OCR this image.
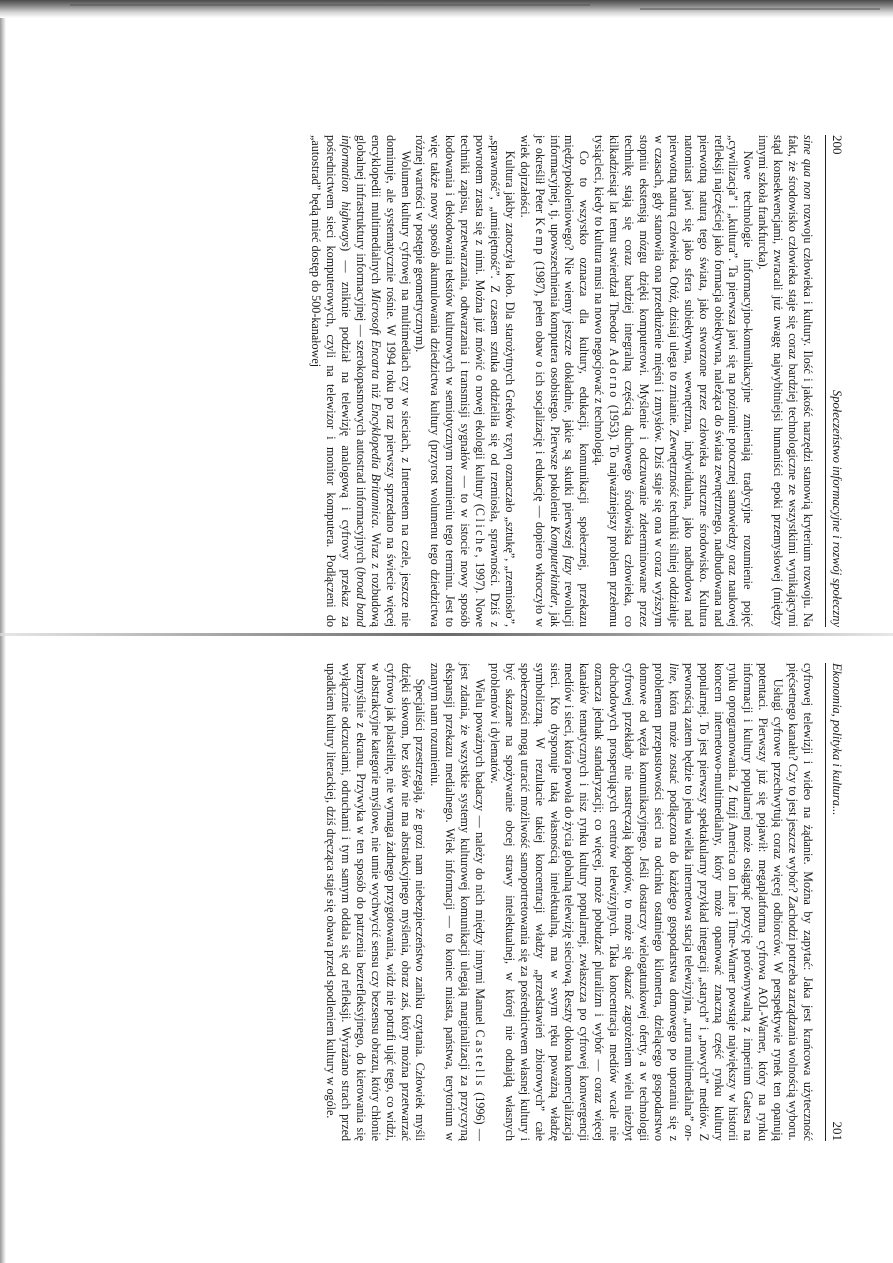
200
Społeczeństwo informacyjne i rozwój społeczny

sine qua non rozwoju człowieka i kultury. Ilość i jakość narzędzi stanowią kryterium rozwoju. Na fakt, że środowisko człowieka staje się coraz bardziej technologiczne ze wszystkimi wynikającymi stąd konsekwencjami, zwracali już uwagę najwybitniejsi humaniści epoki przemysłowej (między innymi szkoła frankfurcka).

Nowe technologie informacyjno-komunikacyjne zmieniają tradycyjne rozumienie pojęć „cywilizacja” i „kultura”. Ta pierwsza jawi się na poziomie potocznej samowiedzy oraz naukowej refleksji najczęściej jako formacja obiektywna, należąca do świata zewnętrznego, nadbudowana nad pierwotną naturą tego świata, jako stworzone przez człowieka sztuczne środowisko. Kultura natomiast jawi się jako sfera subiektywna, wewnętrzna, indywidualna, jako nadbudowa nad pierwotną naturą człowieka. Otóż, dzisiaj ulega to zmianie. Zewnętrzność techniki silniej oddziałuje w czasach, gdy stanowiła ona przedłużenie mięśni i zmysłów. Dziś staje się ona w coraz wyższym stopniu ekstensją mózgu dzięki komputerowi. Myślenie i odczuwanie zdeterminowane przez technikę stają się coraz bardziej integralną częścią duchowego środowiska człowieka, co kilkadziesiąt lat temu stwierdzał Theodor Adorno (1953). To najważniejszy problem przełomu tysiącleci, kiedy to kultura musi na nowo negocjować z technologią.

Co to wszystko oznacza dla kultury, edukacji, komunikacji społecznej, przekazu międzypokoleniowego? Nie wiemy jeszcze dokładnie, jakie są skutki pierwszej fazy rewolucji informacyjnej, tj. upowszechnienia komputera osobistego. Pierwsze pokolenie Komputerkinder, jak je określił Peter Kemp (1987), pełen obaw o ich socjalizację i edukację — dopiero wkroczyło w wiek dojrzałości.

Kultura jakby zatoczyła koło. Dla starożytnych Greków τεχνη oznaczało „sztukę”, „rzemiosło”, „sprawność”, „umiejętność”. Z czasem sztuka oddzieliła się od rzemiosła, sprawności. Dziś z powrotem zrasta się z nimi. Można już mówić o nowej ekologii kultury (Cliche, 1997). Nowe techniki zapisu, przetwarzania, odtwarzania i transmisji sygnałów — to w istocie nowy sposób kodowania i dekodowania tekstów kulturowych w semiotycznym rozumieniu tego terminu. Jest to więc także nowy sposób akumulowania dziedzictwa kultury (przyrost wolumenu tego dziedzictwa różnej wartości w postępie geometrycznym).

Wolumen kultury cyfrowej na multimediach czy w sieciach, z Internetem na czele, jeszcze nie dominuje, ale systematycznie rośnie. W 1994 roku po raz pierwszy sprzedano na świecie więcej encyklopedii multimedialnych Microsoft Encarta niż Encyklopedia Britannica. Wraz z rozbudową globalnej infrastruktury informacyjnej — szerokopasmowych autostrad informacyjnych (broad band information highways) — zniknie podział na telewizję analogową i cyfrowy przekaz za pośrednictwem sieci komputerowych, czyli na telewizor i monitor komputera. Podłączeni do „autostrad” będą mieć dostęp do 500-kanałowej

Ekonomia, polityka i kultura...
201

cyfrowej telewizji i wideo na żądanie. Można by zapytać: Jaka jest krańcowa użyteczność pięćsetnego kanału? Czy to jest jeszcze wybór? Zachodzi potrzeba zarządzania wolnością wyboru.

Usługi cyfrowe przechwytują coraz więcej odbiorców. W perspektywie rynek ten opanują potentaci. Pierwszy już się pojawił: megaplatforma cyfrowa AOL-Warner, który na rynku informacji i kultury popularnej może osiągnąć pozycję porównywalną z imperium Gatesa na rynku oprogramowania. Z fuzji America on Line i Time-Warner powstaje największy w historii koncern internetowo-multimedialny, który może opanować znaczną część rynku kultury popularnej. To jest pierwszy spektakularny przykład integracji „starych” i „nowych” mediów. Z pewnością zatem będzie to jedna wielka internetowa stacja telewizyjna, „rura multimedialna” on-line, która może zostać podłączona do każdego gospodarstwa domowego po uporaniu się z problemem przepustowości sieci na odcinku ostatniego kilometra, dzielącego gospodarstwo domowe od węzła komunikacyjnego. Jeśli dostarczy wielogatunkowej oferty, a w technologii cyfrowej przekłady nie nastręczają kłopotów, to może się okazać zagrożeniem wielu niezbyt dochodowych prosperujących centrów telewizyjnych. Taka koncentracja mediów wcale nie oznacza jednak standaryzacji; co więcej, może pobudzać pluralizm i wybór — coraz więcej kanałów tematycznych i nisz rynku kultury popularnej, zwłaszcza po cyfrowej konwergencji mediów i sieci, która powoła do życia globalną telewizję sieciową. Reszty dokona komercjalizacja sieci. Kto dysponuje taką własnością intelektualną, ma w swym ręku poważną władzę symboliczną. W rezultacie takiej koncentracji władzy „przedstawień zbiorowych” całe społeczności mogą utracić możliwość samoportretowania się za pośrednictwem własnej kultury i być skazane na spożywanie obcej strawy intelektualnej, w której nie odnajdą własnych problemów i dylematów.

Wielu poważnych badaczy — należy do nich między innymi Manuel Castells (1996) — jest zdania, że wszystkie systemy kulturowej komunikacji ulegają marginalizacji za przyczyną ekspansji przekazu medialnego. Wiek informacji — to koniec miasta, państwa, terytorium w znanym nam rozumieniu.

Specjaliści przestrzegają, że grozi nam niebezpieczeństwo zaniku czytania. Człowiek myśli dzięki słowom, bez słów nie ma abstrakcyjnego myślenia, obraz zaś, który można przetwarzać cyfrowo jak plastelinę, nie wymaga żadnego przygotowania, widz nie potrafi ująć tego, co widzi, w abstrakcyjne kategorie myślowe, nie umie wychwycić sensu czy bezsensu obrazu, który chłonie bezmyślnie z ekranu. Przywyka w ten sposób do patrzenia bezrefleksyjnego, do kierowania się wyłącznie odczuciami, odruchami i tym samym oddala się od refleksji. Wyrażano strach przed upadkiem kultury literackiej, dziś dręcząca staje się obawa przed spodleniem kultury w ogóle.
